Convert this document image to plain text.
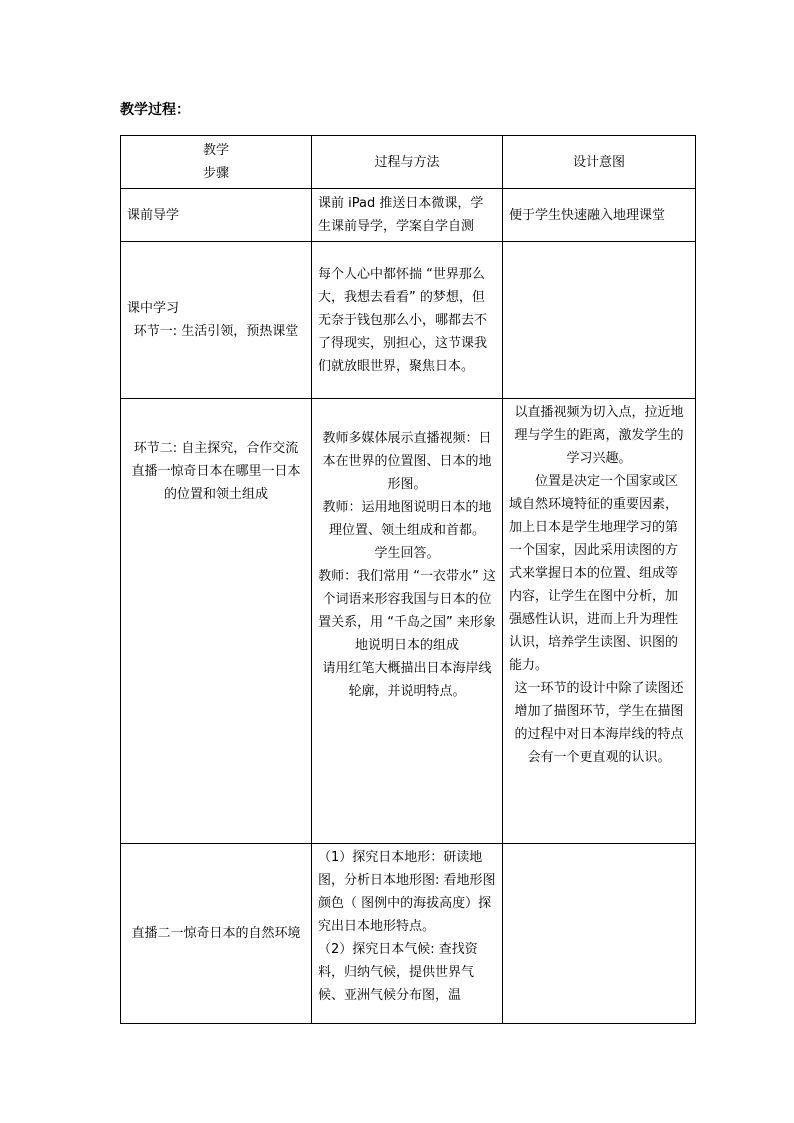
教学过程：
教学
步骤	过程与方法	设计意图

课前导学	课前 iPad 推送日本微课，学生课前导学，学案自学自测	便于学生快速融入地理课堂

课中学习
环节一: 生活引领，预热课堂	每个人心中都怀揣 “世界那么大，我想去看看” 的梦想，但无奈于钱包那么小，哪都去不了得现实，别担心，这节课我们就放眼世界，聚焦日本。	

环节二: 自主探究，合作交流
直播一惊奇日本在哪里一日本的位置和领土组成	教师多媒体展示直播视频：日本在世界的位置图、日本的地形图。
教师：运用地图说明日本的地理位置、领土组成和首都。
学生回答。
教师：我们常用 “一衣带水” 这个词语来形容我国与日本的位置关系，用 “千岛之国” 来形象地说明日本的组成
请用红笔大概描出日本海岸线轮廓，并说明特点。	以直播视频为切入点，拉近地理与学生的距离，激发学生的学习兴趣。
位置是决定一个国家或区域自然环境特征的重要因素，加上日本是学生地理学习的第一个国家，因此采用读图的方式来掌握日本的位置、组成等内容，让学生在图中分析，加强感性认识，进而上升为理性认识，培养学生读图、识图的能力。
这一环节的设计中除了读图还增加了描图环节，学生在描图的过程中对日本海岸线的特点会有一个更直观的认识。

直播二一惊奇日本的自然环境	（1）探究日本地形：研读地图，分析日本地形图: 看地形图颜色（ 图例中的海拔高度）探究出日本地形特点。
（2）探究日本气候: 查找资料，归纳气候，提供世界气候、亚洲气候分布图，温	
